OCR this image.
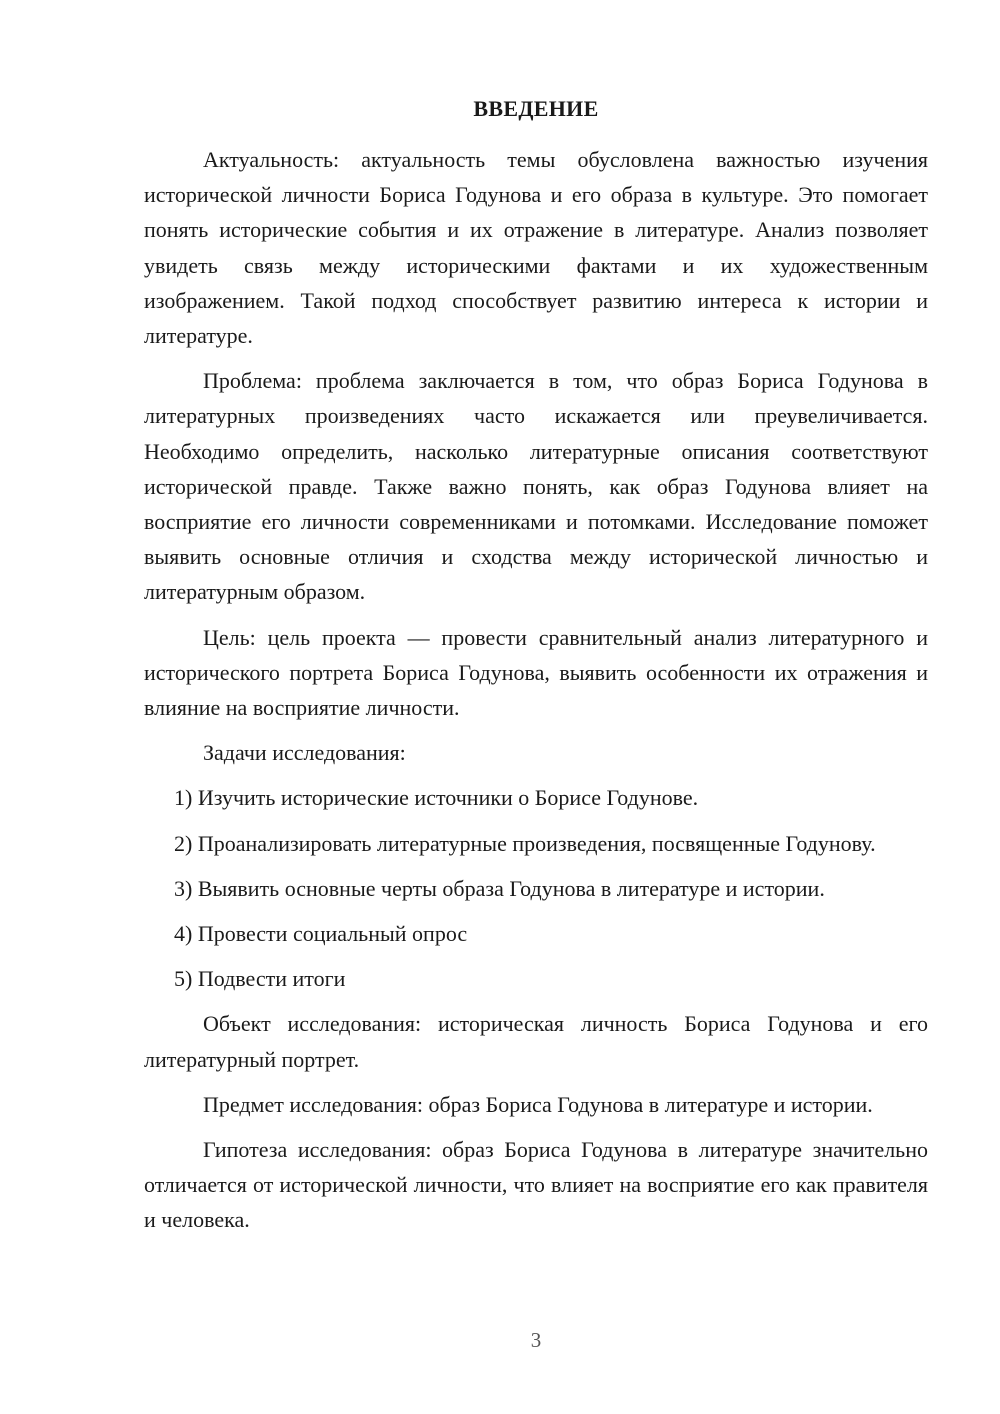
ВВЕДЕНИЕ

Актуальность: актуальность темы обусловлена важностью изучения исторической личности Бориса Годунова и его образа в культуре. Это помогает понять исторические события и их отражение в литературе. Анализ позволяет увидеть связь между историческими фактами и их художественным изображением. Такой подход способствует развитию интереса к истории и литературе.

Проблема: проблема заключается в том, что образ Бориса Годунова в литературных произведениях часто искажается или преувеличивается. Необходимо определить, насколько литературные описания соответствуют исторической правде. Также важно понять, как образ Годунова влияет на восприятие его личности современниками и потомками. Исследование поможет выявить основные отличия и сходства между исторической личностью и литературным образом.

Цель: цель проекта — провести сравнительный анализ литературного и исторического портрета Бориса Годунова, выявить особенности их отражения и влияние на восприятие личности.

Задачи исследования:

1) Изучить исторические источники о Борисе Годунове.

2) Проанализировать литературные произведения, посвященные Годунову.

3) Выявить основные черты образа Годунова в литературе и истории.

4) Провести социальный опрос

5) Подвести итоги

Объект исследования: историческая личность Бориса Годунова и его литературный портрет.

Предмет исследования: образ Бориса Годунова в литературе и истории.

Гипотеза исследования: образ Бориса Годунова в литературе значительно отличается от исторической личности, что влияет на восприятие его как правителя и человека.

3
